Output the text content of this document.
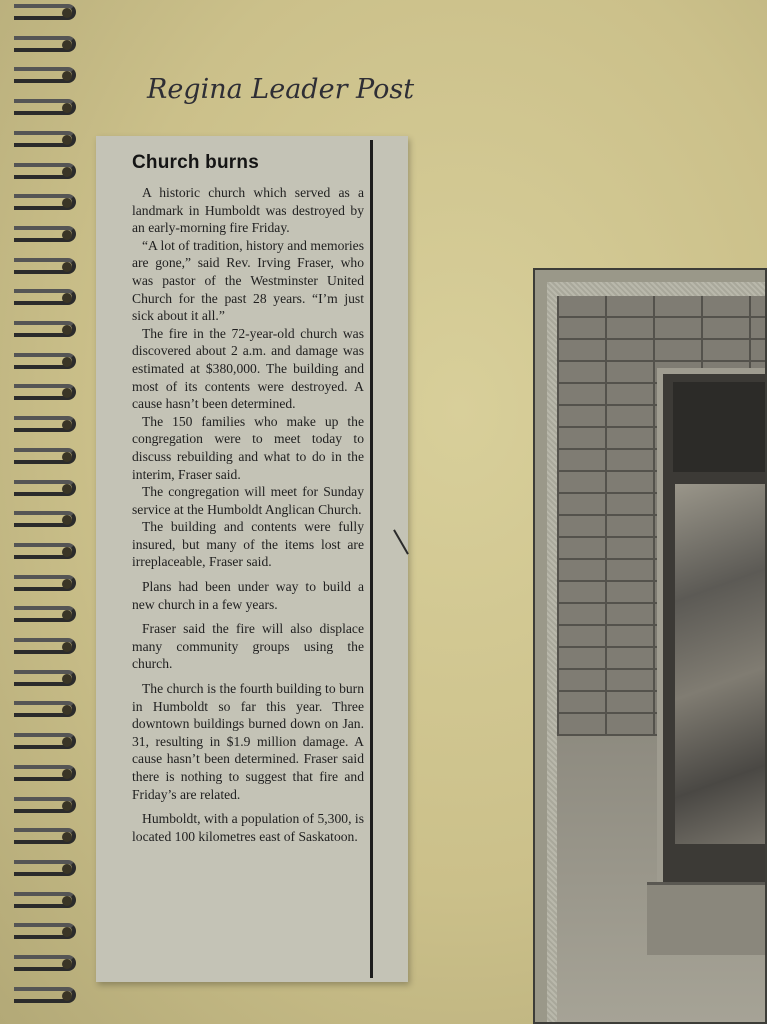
Regina Leader Post
Church burns

A historic church which served as a landmark in Humboldt was destroyed by an early-morning fire Friday.

“A lot of tradition, history and memories are gone,” said Rev. Irving Fraser, who was pastor of the Westminster United Church for the past 28 years. “I’m just sick about it all.”

The fire in the 72-year-old church was discovered about 2 a.m. and damage was estimated at $380,000. The building and most of its contents were destroyed. A cause hasn’t been determined.

The 150 families who make up the congregation were to meet today to discuss rebuilding and what to do in the interim, Fraser said.

The congregation will meet for Sunday service at the Humboldt Anglican Church.

The building and contents were fully insured, but many of the items lost are irreplaceable, Fraser said.

Plans had been under way to build a new church in a few years.

Fraser said the fire will also displace many community groups using the church.

The church is the fourth building to burn in Humboldt so far this year. Three downtown buildings burned down on Jan. 31, resulting in $1.9 million damage. A cause hasn’t been determined. Fraser said there is nothing to suggest that fire and Friday’s are related.

Humboldt, with a population of 5,300, is located 100 kilometres east of Saskatoon.
